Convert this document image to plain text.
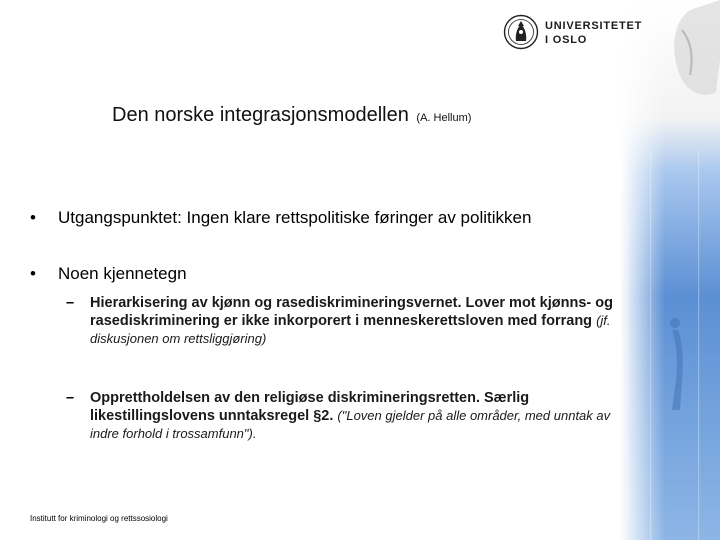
UNIVERSITETET
I OSLO
Den norske integrasjonsmodellen (A. Hellum)
• Utgangspunktet: Ingen klare rettspolitiske føringer av politikken
• Noen kjennetegn
– Hierarkisering av kjønn og rasediskrimineringsvernet. Lover mot kjønns- og rasediskriminering er ikke inkorporert i menneskerettsloven med forrang (jf. diskusjonen om rettsliggjøring)
– Opprettholdelsen av den religiøse diskrimineringsretten. Særlig likestillingslovens unntaksregel §2. ("Loven gjelder på alle områder, med unntak av indre forhold i trossamfunn").
Institutt for kriminologi og rettssosiologi
